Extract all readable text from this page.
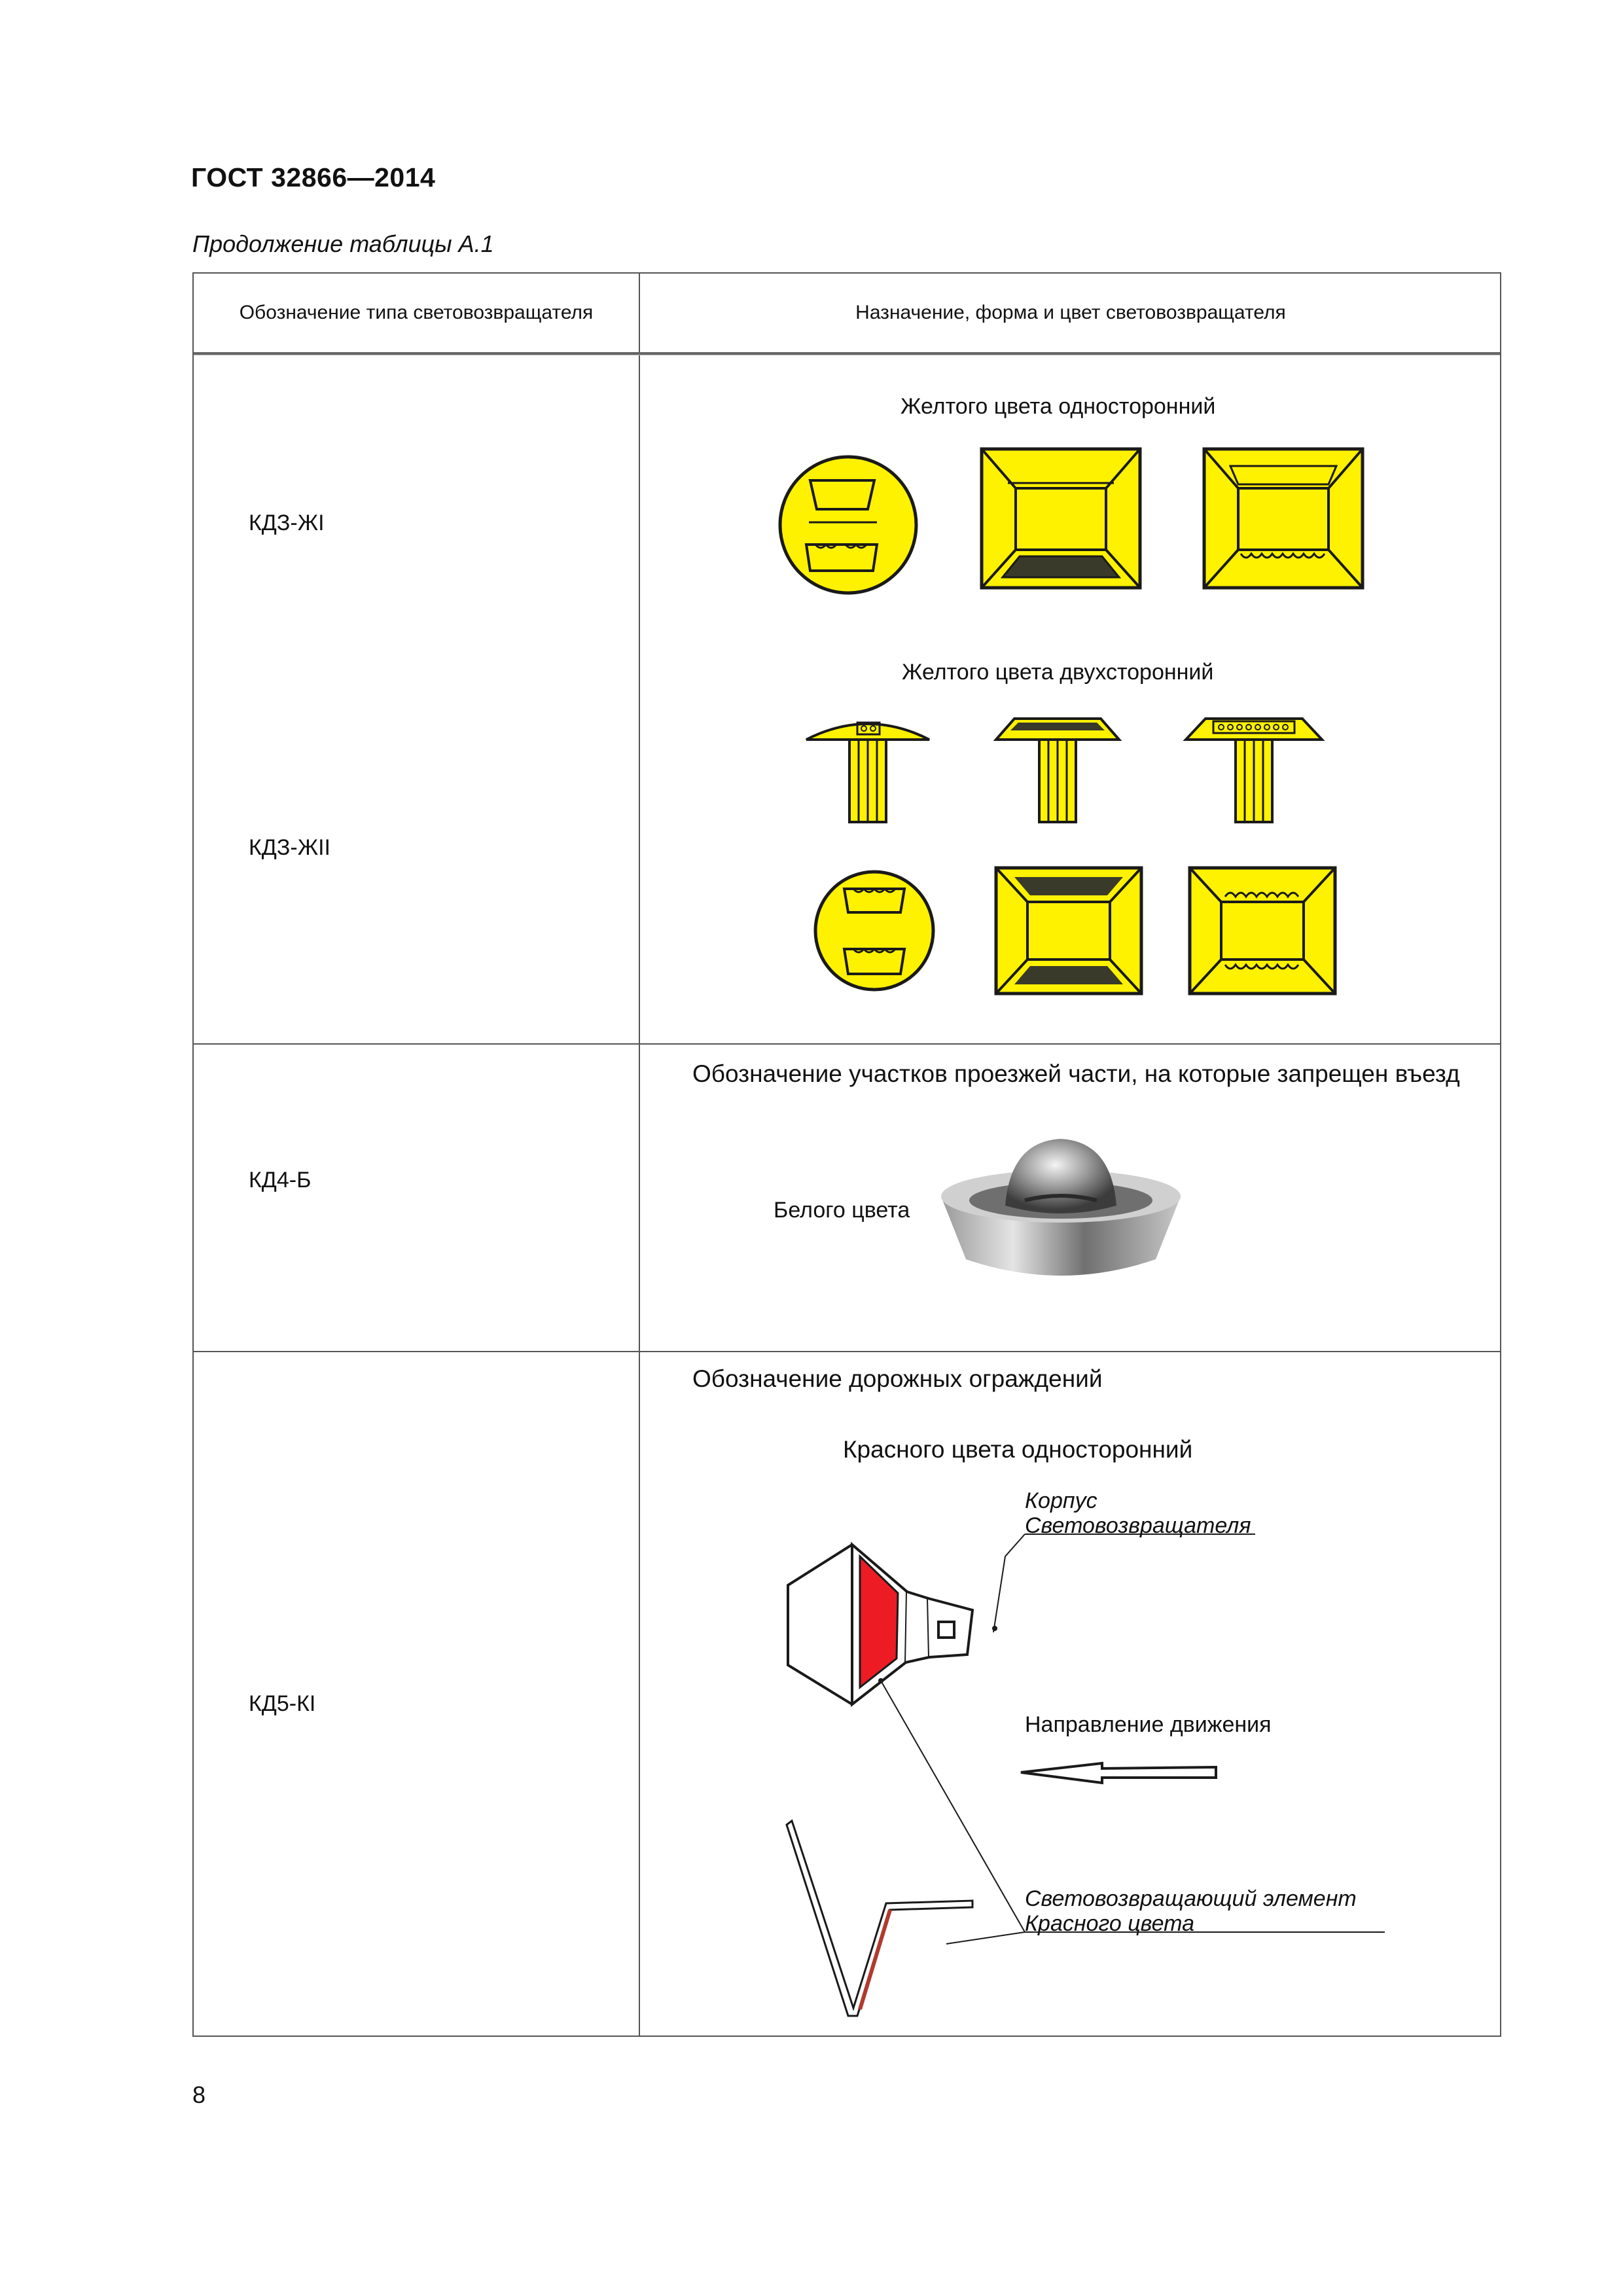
ГОСТ 32866—2014
Продолжение таблицы А.1
Обозначение типа световозвращателя	Назначение, форма и цвет световозвращателя
КДЗ-ЖI
КДЗ-ЖII
КД4-Б
КД5-КI
Желтого цвета односторонний
Желтого цвета двухсторонний
Обозначение участков проезжей части, на которые запрещен въезд
Белого цвета
Обозначение дорожных ограждений
Красного цвета односторонний
Корпус
Световозвращателя
Направление движения
Световозвращающий элемент
Красного цвета
8
